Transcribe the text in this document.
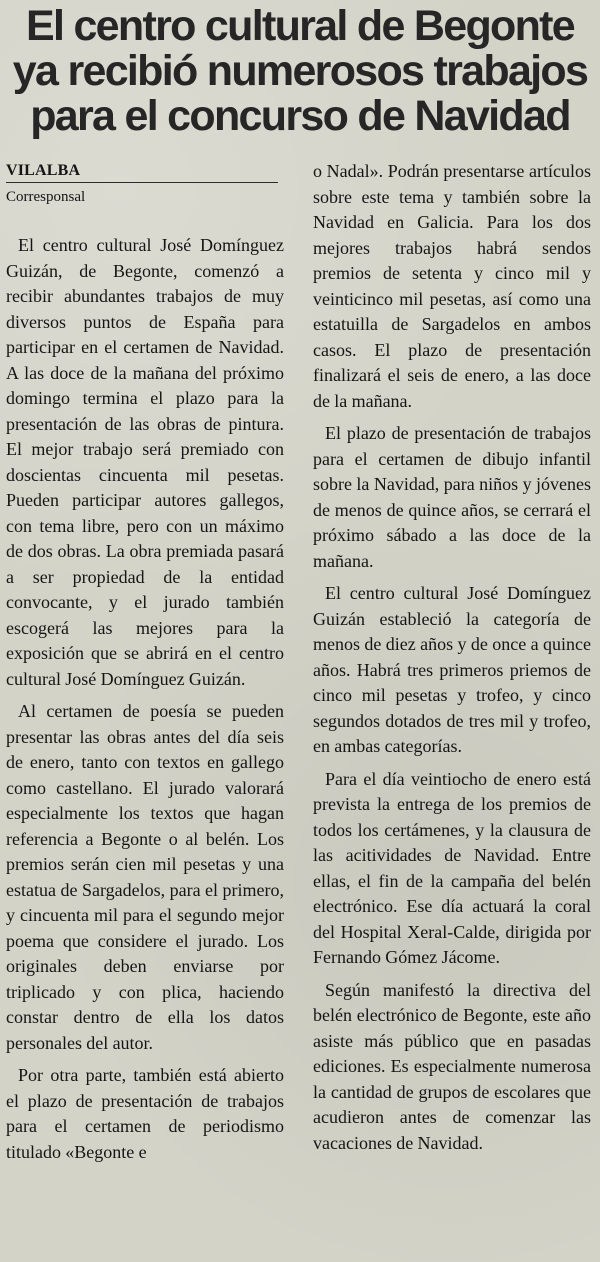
El centro cultural de Begonte
ya recibió numerosos trabajos
para el concurso de Navidad
VILALBA
Corresponsal

El centro cultural José Domínguez Guizán, de Begonte, comenzó a recibir abundantes trabajos de muy diversos puntos de España para participar en el certamen de Navidad. A las doce de la mañana del próximo domingo termina el plazo para la presentación de las obras de pintura. El mejor trabajo será premiado con doscientas cincuenta mil pesetas. Pueden participar autores gallegos, con tema libre, pero con un máximo de dos obras. La obra premiada pasará a ser propiedad de la entidad convocante, y el jurado también escogerá las mejores para la exposición que se abrirá en el centro cultural José Domínguez Guizán.

Al certamen de poesía se pueden presentar las obras antes del día seis de enero, tanto con textos en gallego como castellano. El jurado valorará especialmente los textos que hagan referencia a Begonte o al belén. Los premios serán cien mil pesetas y una estatua de Sargadelos, para el primero, y cincuenta mil para el segundo mejor poema que considere el jurado. Los originales deben enviarse por triplicado y con plica, haciendo constar dentro de ella los datos personales del autor.

Por otra parte, también está abierto el plazo de presentación de trabajos para el certamen de periodismo titulado «Begonte e

o Nadal». Podrán presentarse artículos sobre este tema y también sobre la Navidad en Galicia. Para los dos mejores trabajos habrá sendos premios de setenta y cinco mil y veinticinco mil pesetas, así como una estatuilla de Sargadelos en ambos casos. El plazo de presentación finalizará el seis de enero, a las doce de la mañana.

El plazo de presentación de trabajos para el certamen de dibujo infantil sobre la Navidad, para niños y jóvenes de menos de quince años, se cerrará el próximo sábado a las doce de la mañana.

El centro cultural José Domínguez Guizán estableció la categoría de menos de diez años y de once a quince años. Habrá tres primeros priemos de cinco mil pesetas y trofeo, y cinco segundos dotados de tres mil y trofeo, en ambas categorías.

Para el día veintiocho de enero está prevista la entrega de los premios de todos los certámenes, y la clausura de las acitividades de Navidad. Entre ellas, el fin de la campaña del belén electrónico. Ese día actuará la coral del Hospital Xeral-Calde, dirigida por Fernando Gómez Jácome.

Según manifestó la directiva del belén electrónico de Begonte, este año asiste más público que en pasadas ediciones. Es especialmente numerosa la cantidad de grupos de escolares que acudieron antes de comenzar las vacaciones de Navidad.
